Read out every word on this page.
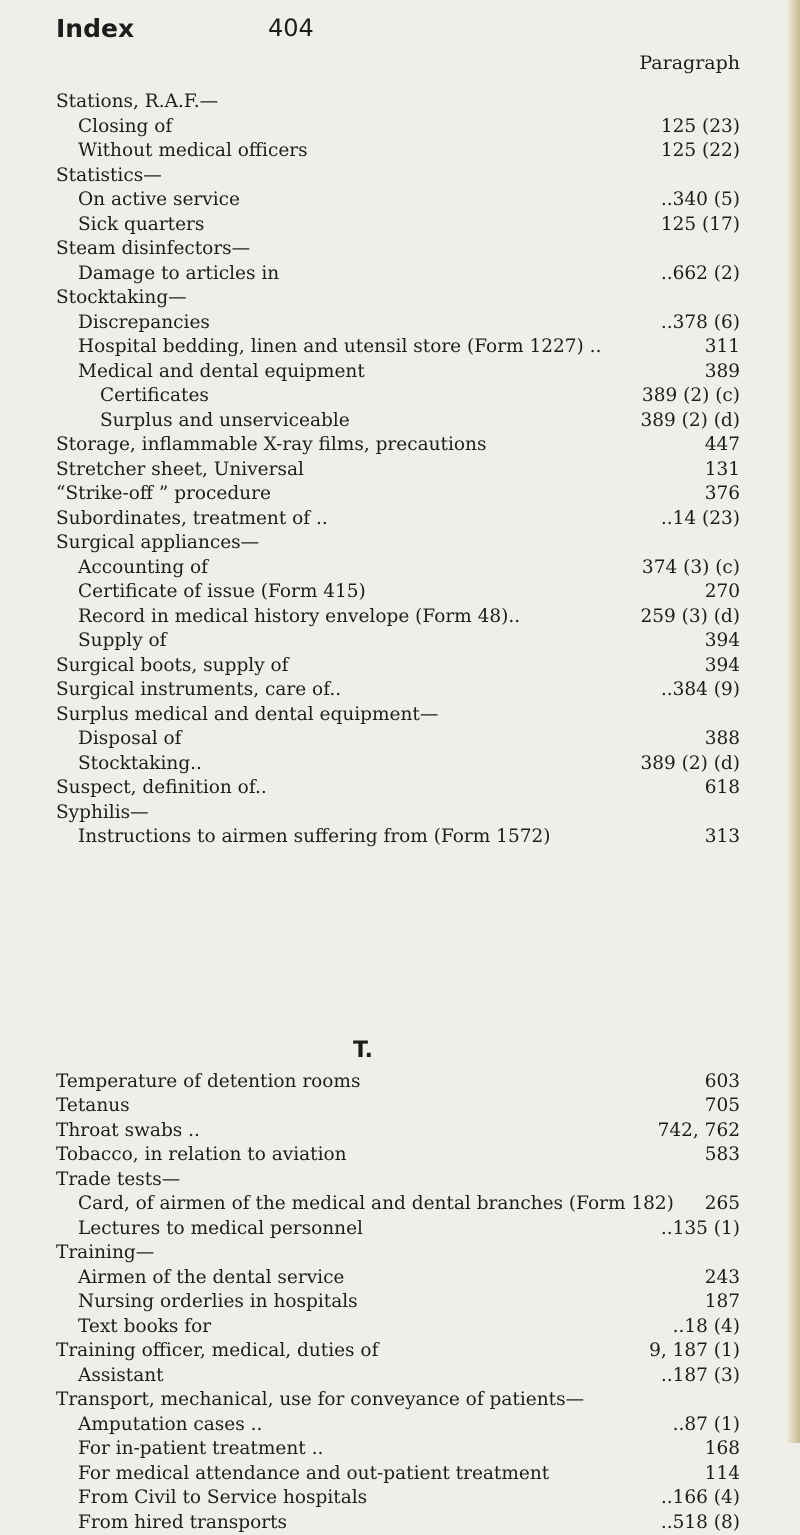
Index	404
Paragraph
Stations, R.A.F.—
Closing of	125 (23)
Without medical officers	125 (22)
Statistics—
On active service	..340 (5)
Sick quarters	125 (17)
Steam disinfectors—
Damage to articles in	..662 (2)
Stocktaking—
Discrepancies	..378 (6)
Hospital bedding, linen and utensil store (Form 1227) ..	311
Medical and dental equipment	389
Certificates	389 (2) (c)
Surplus and unserviceable	389 (2) (d)
Storage, inflammable X-ray films, precautions	447
Stretcher sheet, Universal	131
“Strike-off ” procedure	376
Subordinates, treatment of ..	..14 (23)
Surgical appliances—
Accounting of	374 (3) (c)
Certificate of issue (Form 415)	270
Record in medical history envelope (Form 48)..	259 (3) (d)
Supply of	394
Surgical boots, supply of	394
Surgical instruments, care of..	..384 (9)
Surplus medical and dental equipment—
Disposal of	388
Stocktaking..	389 (2) (d)
Suspect, definition of..	618
Syphilis—
Instructions to airmen suffering from (Form 1572)	313
T.
Temperature of detention rooms	603
Tetanus	705
Throat swabs ..	742, 762
Tobacco, in relation to aviation	583
Trade tests—
Card, of airmen of the medical and dental branches (Form 182) 265
Lectures to medical personnel	..135 (1)
Training—
Airmen of the dental service	243
Nursing orderlies in hospitals	187
Text books for	..18 (4)
Training officer, medical, duties of	9, 187 (1)
Assistant	..187 (3)
Transport, mechanical, use for conveyance of patients—
Amputation cases ..	..87 (1)
For in-patient treatment ..	168
For medical attendance and out-patient treatment	114
From Civil to Service hospitals	..166 (4)
From hired transports	..518 (8)
